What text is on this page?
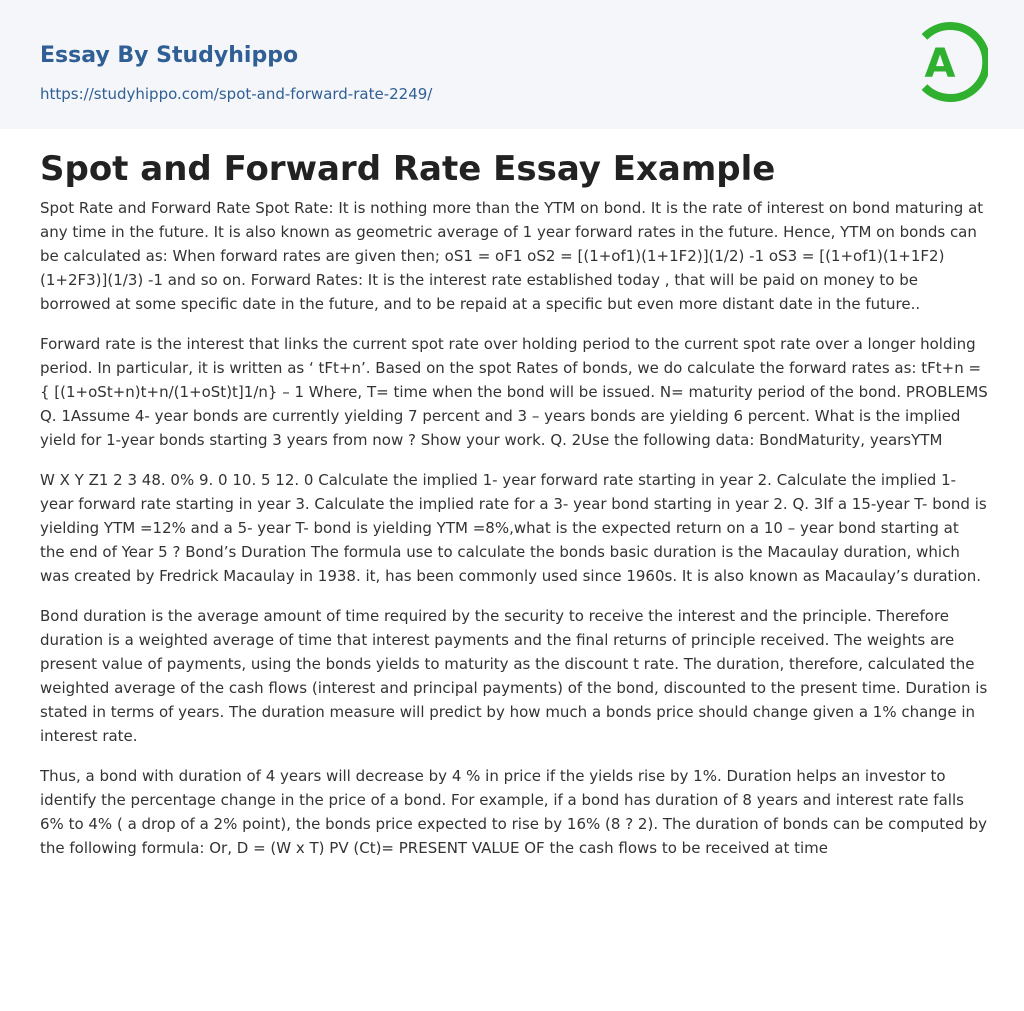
Essay By Studyhippo
https://studyhippo.com/spot-and-forward-rate-2249/
A
Spot and Forward Rate Essay Example

Spot Rate and Forward Rate Spot Rate: It is nothing more than the YTM on bond. It is the rate of interest on bond maturing at any time in the future. It is also known as geometric average of 1 year forward rates in the future. Hence, YTM on bonds can be calculated as: When forward rates are given then; oS1 = oF1 oS2 = [(1+of1)(1+1F2)](1/2) -1 oS3 = [(1+of1)(1+1F2)(1+2F3)](1/3) -1 and so on. Forward Rates: It is the interest rate established today , that will be paid on money to be borrowed at some specific date in the future, and to be repaid at a specific but even more distant date in the future..

Forward rate is the interest that links the current spot rate over holding period to the current spot rate over a longer holding period. In particular, it is written as ‘ tFt+n’. Based on the spot Rates of bonds, we do calculate the forward rates as: tFt+n = { [(1+oSt+n)t+n/(1+oSt)t]1/n} – 1 Where, T= time when the bond will be issued. N= maturity period of the bond. PROBLEMS Q. 1Assume 4- year bonds are currently yielding 7 percent and 3 – years bonds are yielding 6 percent. What is the implied yield for 1-year bonds starting 3 years from now ? Show your work. Q. 2Use the following data: BondMaturity, yearsYTM

W X Y Z1 2 3 48. 0% 9. 0 10. 5 12. 0 Calculate the implied 1- year forward rate starting in year 2. Calculate the implied 1- year forward rate starting in year 3. Calculate the implied rate for a 3- year bond starting in year 2. Q. 3If a 15-year T- bond is yielding YTM =12% and a 5- year T- bond is yielding YTM =8%,what is the expected return on a 10 – year bond starting at the end of Year 5 ? Bond’s Duration The formula use to calculate the bonds basic duration is the Macaulay duration, which was created by Fredrick Macaulay in 1938. it, has been commonly used since 1960s. It is also known as Macaulay’s duration.

Bond duration is the average amount of time required by the security to receive the interest and the principle. Therefore duration is a weighted average of time that interest payments and the final returns of principle received. The weights are present value of payments, using the bonds yields to maturity as the discount t rate. The duration, therefore, calculated the weighted average of the cash flows (interest and principal payments) of the bond, discounted to the present time. Duration is stated in terms of years. The duration measure will predict by how much a bonds price should change given a 1% change in interest rate.

Thus, a bond with duration of 4 years will decrease by 4 % in price if the yields rise by 1%. Duration helps an investor to identify the percentage change in the price of a bond. For example, if a bond has duration of 8 years and interest rate falls 6% to 4% ( a drop of a 2% point), the bonds price expected to rise by 16% (8 ? 2). The duration of bonds can be computed by the following formula: Or, D = (W x T) PV (Ct)= PRESENT VALUE OF the cash flows to be received at time
